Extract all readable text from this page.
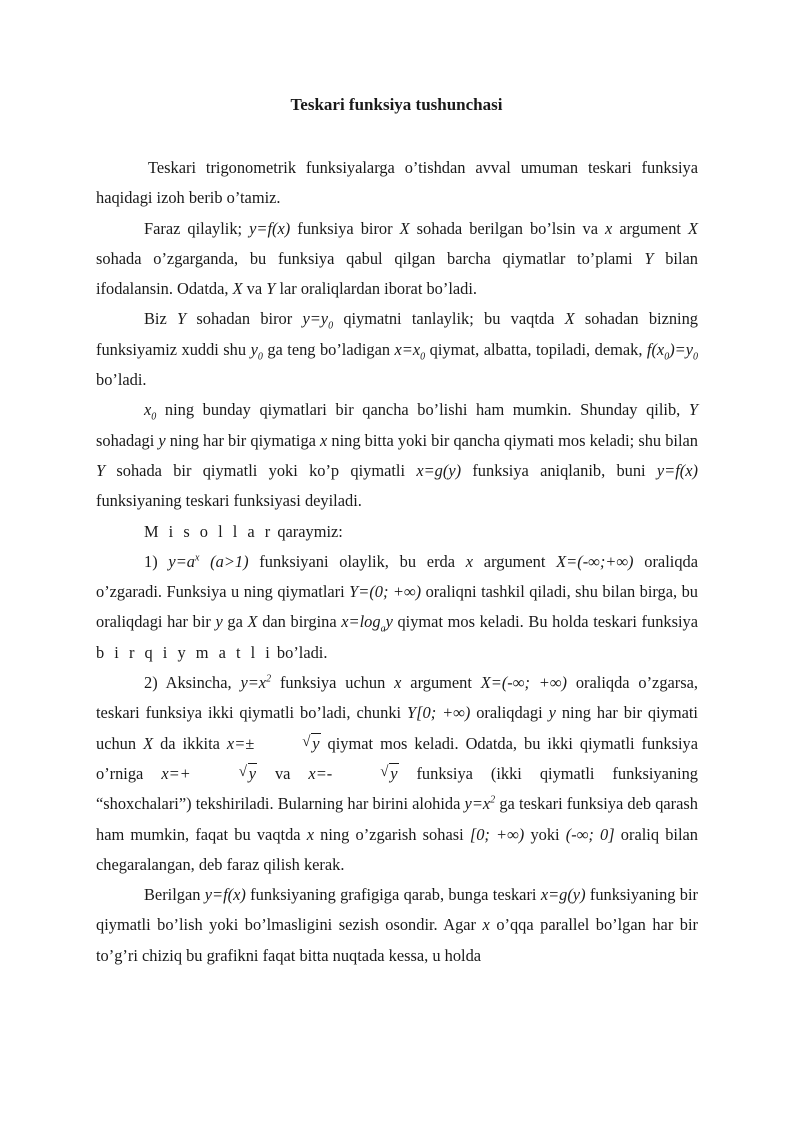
Teskari funksiya tushunchasi

Teskari trigonometrik funksiyalarga o’tishdan avval umuman teskari funksiya haqidagi izoh berib o’tamiz.

Faraz qilaylik; y=f(x) funksiya biror X sohada berilgan bo’lsin va x argument X sohada o’zgarganda, bu funksiya qabul qilgan barcha qiymatlar to’plami Y bilan ifodalansin. Odatda, X va Y lar oraliqlardan iborat bo’ladi.

Biz Y sohadan biror $y=y_0$ qiymatni tanlaylik; bu vaqtda X sohadan bizning funksiyamiz xuddi shu $y_0$ ga teng bo’ladigan $x=x_0$ qiymat, albatta, topiladi, demak, $f(x_0)=y_0$ bo’ladi.

$x_0$ ning bunday qiymatlari bir qancha bo’lishi ham mumkin. Shunday qilib, Y sohadagi y ning har bir qiymatiga x ning bitta yoki bir qancha qiymati mos keladi; shu bilan Y sohada bir qiymatli yoki ko’p qiymatli x=g(y) funksiya aniqlanib, buni y=f(x) funksiyaning teskari funksiyasi deyiladi.

M i s o l l a r qaraymiz:

1) $y=a^x$ (a>1) funksiyani olaylik, bu erda x argument X=(-∞;+∞) oraliqda o’zgaradi. Funksiya u ning qiymatlari Y=(0; +∞) oraliqni tashkil qiladi, shu bilan birga, bu oraliqdagi har bir y ga X dan birgina $x=\log_ay$ qiymat mos keladi. Bu holda teskari funksiya b i r q i y m a t l i bo’ladi.

2) Aksincha, $y=x^2$ funksiya uchun x argument X=(-∞; +∞) oraliqda o’zgarsa, teskari funksiya ikki qiymatli bo’ladi, chunki Y[0; +∞) oraliqdagi y ning har bir qiymati uchun X da ikkita x=±	√ y qiymat mos keladi. Odatda, bu ikki qiymatli funksiya o’rniga x=+	√ y va x=-	√ y funksiya (ikki qiymatli funksiyaning “shoxchalari”) tekshiriladi. Bularning har birini alohida $y=x^2$ ga teskari funksiya deb qarash ham mumkin, faqat bu vaqtda x ning o’zgarish sohasi [0; +∞) yoki (-∞; 0] oraliq bilan chegaralangan, deb faraz qilish kerak.

Berilgan y=f(x) funksiyaning grafigiga qarab, bunga teskari x=g(y) funksiyaning bir qiymatli bo’lish yoki bo’lmasligini sezish osondir. Agar x o’qqa parallel bo’lgan har bir to’g’ri chiziq bu grafikni faqat bitta nuqtada kessa, u holda
